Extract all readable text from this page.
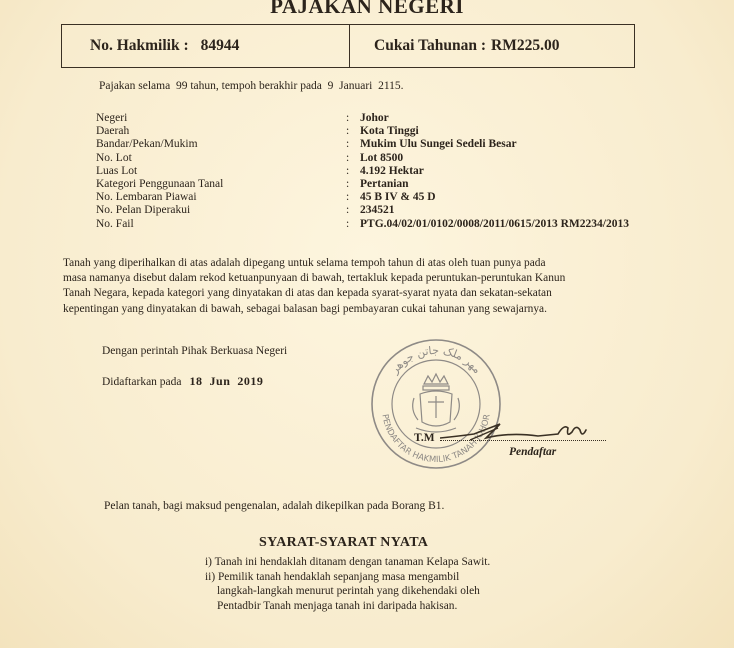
PAJAKAN NEGERI
No. Hakmilik : 84944	Cukai Tahunan : RM225.00
Pajakan selama  99 tahun, tempoh berakhir pada  9  Januari  2115.
Negeri	: Johor
Daerah	: Kota Tinggi
Bandar/Pekan/Mukim	: Mukim Ulu Sungei Sedeli Besar
No. Lot	: Lot 8500
Luas Lot	: 4.192 Hektar
Kategori Penggunaan Tanal	: Pertanian
No. Lembaran Piawai	: 45 B IV & 45 D
No. Pelan Diperakui	: 234521
No. Fail	: PTG.04/02/01/0102/0008/2011/0615/2013 RM2234/2013
Tanah yang diperihalkan di atas adalah dipegang untuk selama tempoh tahun di atas oleh tuan punya pada
masa namanya disebut dalam rekod ketuanpunyaan di bawah, tertakluk kepada peruntukan-peruntukan Kanun
Tanah Negara, kepada kategori yang dinyatakan di atas dan kepada syarat-syarat nyata dan sekatan-sekatan
kepentingan yang dinyatakan di bawah, sebagai balasan bagi pembayaran cukai tahunan yang sewajarnya.
Dengan perintah Pihak Berkuasa Negeri
Didaftarkan pada 18  Jun  2019
مهر ملک جاتن جوهر
PENDAFTAR HAKMILIK TANAH JOHOR
T.M
Pendaftar
Pelan tanah, bagi maksud pengenalan, adalah dikepilkan pada Borang B1.
SYARAT-SYARAT NYATA
i) Tanah ini hendaklah ditanam dengan tanaman Kelapa Sawit.
ii) Pemilik tanah hendaklah sepanjang masa mengambil
langkah-langkah menurut perintah yang dikehendaki oleh
Pentadbir Tanah menjaga tanah ini daripada hakisan.
